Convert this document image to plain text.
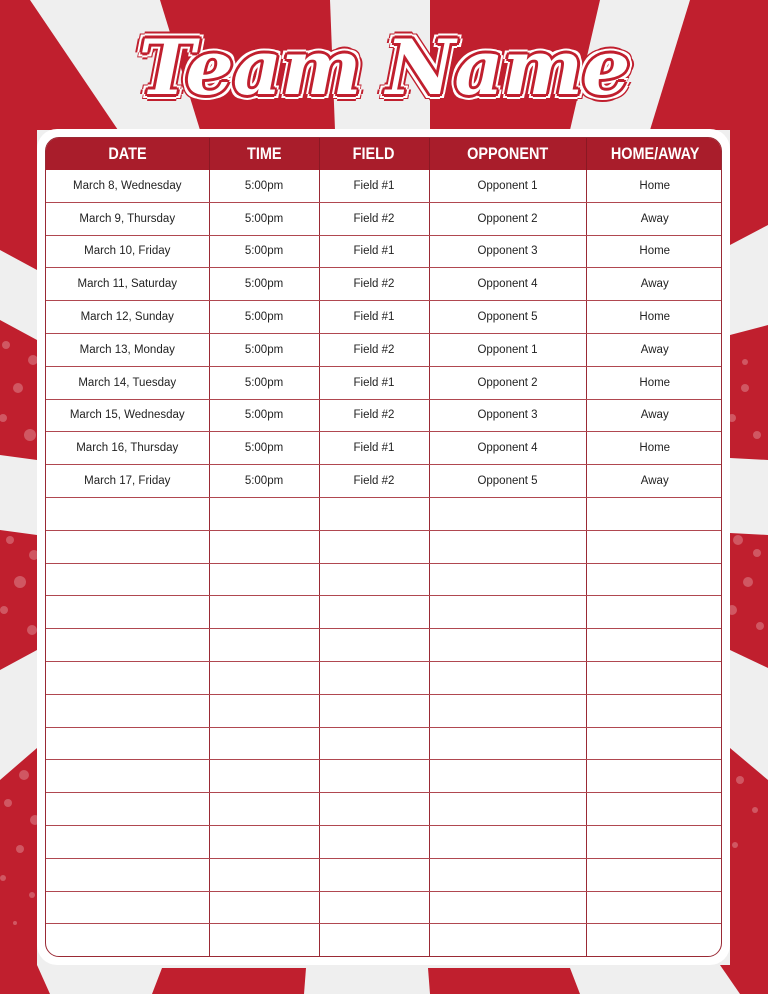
Team Name
DATE	TIME	FIELD	OPPONENT	HOME/AWAY
March 8, Wednesday	5:00pm	Field #1	Opponent 1	Home
March 9, Thursday	5:00pm	Field #2	Opponent 2	Away
March 10, Friday	5:00pm	Field #1	Opponent 3	Home
March 11, Saturday	5:00pm	Field #2	Opponent 4	Away
March 12, Sunday	5:00pm	Field #1	Opponent 5	Home
March 13, Monday	5:00pm	Field #2	Opponent 1	Away
March 14, Tuesday	5:00pm	Field #1	Opponent 2	Home
March 15, Wednesday	5:00pm	Field #2	Opponent 3	Away
March 16, Thursday	5:00pm	Field #1	Opponent 4	Home
March 17, Friday	5:00pm	Field #2	Opponent 5	Away
